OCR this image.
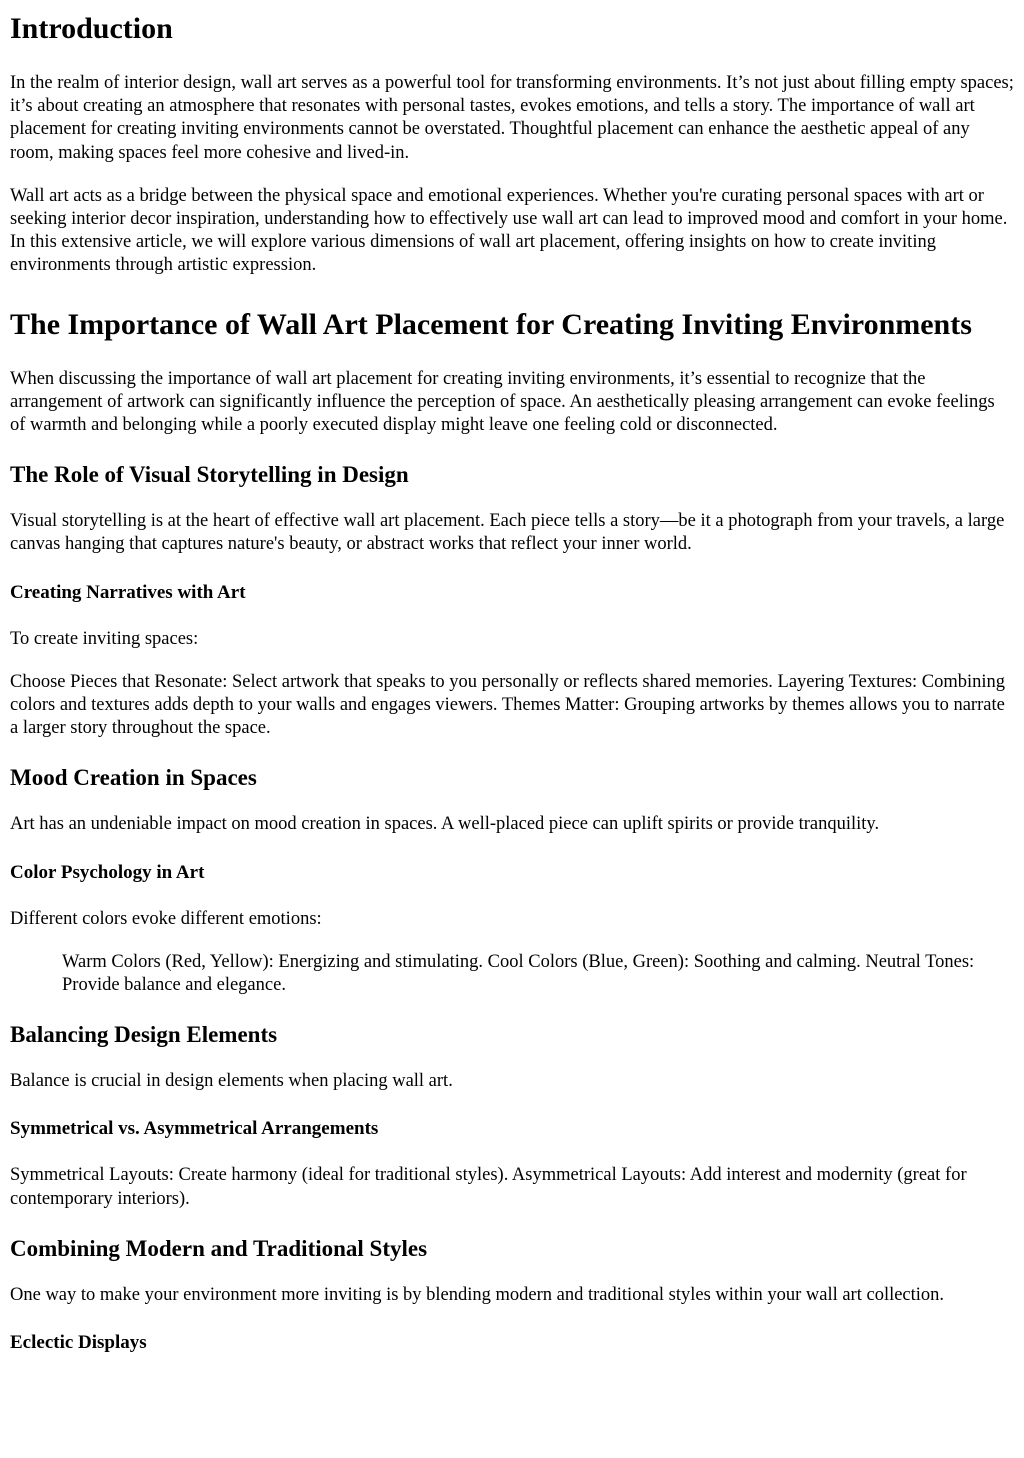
Introduction

In the realm of interior design, wall art serves as a powerful tool for transforming environments. It’s not just about filling empty spaces; it’s about creating an atmosphere that resonates with personal tastes, evokes emotions, and tells a story. The importance of wall art placement for creating inviting environments cannot be overstated. Thoughtful placement can enhance the aesthetic appeal of any room, making spaces feel more cohesive and lived-in.

Wall art acts as a bridge between the physical space and emotional experiences. Whether you're curating personal spaces with art or seeking interior decor inspiration, understanding how to effectively use wall art can lead to improved mood and comfort in your home. In this extensive article, we will explore various dimensions of wall art placement, offering insights on how to create inviting environments through artistic expression.

The Importance of Wall Art Placement for Creating Inviting Environments

When discussing the importance of wall art placement for creating inviting environments, it’s essential to recognize that the arrangement of artwork can significantly influence the perception of space. An aesthetically pleasing arrangement can evoke feelings of warmth and belonging while a poorly executed display might leave one feeling cold or disconnected.

The Role of Visual Storytelling in Design

Visual storytelling is at the heart of effective wall art placement. Each piece tells a story—be it a photograph from your travels, a large canvas hanging that captures nature's beauty, or abstract works that reflect your inner world.

Creating Narratives with Art

To create inviting spaces:

Choose Pieces that Resonate: Select artwork that speaks to you personally or reflects shared memories. Layering Textures: Combining colors and textures adds depth to your walls and engages viewers. Themes Matter: Grouping artworks by themes allows you to narrate a larger story throughout the space.

Mood Creation in Spaces

Art has an undeniable impact on mood creation in spaces. A well-placed piece can uplift spirits or provide tranquility.

Color Psychology in Art

Different colors evoke different emotions:

Warm Colors (Red, Yellow): Energizing and stimulating. Cool Colors (Blue, Green): Soothing and calming. Neutral Tones: Provide balance and elegance.
Balancing Design Elements

Balance is crucial in design elements when placing wall art.

Symmetrical vs. Asymmetrical Arrangements

Symmetrical Layouts: Create harmony (ideal for traditional styles). Asymmetrical Layouts: Add interest and modernity (great for contemporary interiors).

Combining Modern and Traditional Styles

One way to make your environment more inviting is by blending modern and traditional styles within your wall art collection.

Eclectic Displays
